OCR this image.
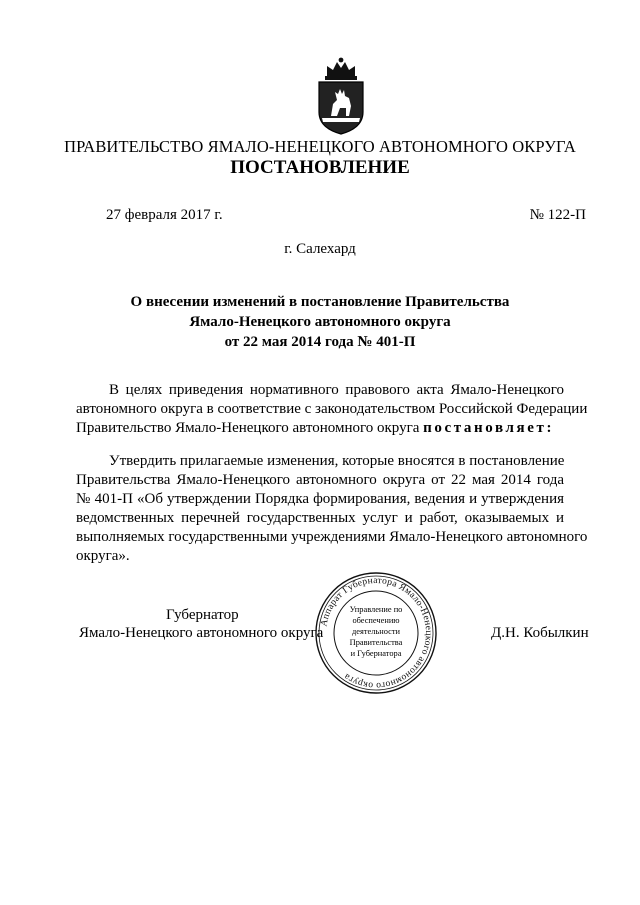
ПРАВИТЕЛЬСТВО ЯМАЛО-НЕНЕЦКОГО АВТОНОМНОГО ОКРУГА
ПОСТАНОВЛЕНИЕ
27 февраля 2017 г.	№ 122-П
г. Салехард
О внесении изменений в постановление Правительства
Ямало-Ненецкого автономного округа
от 22 мая 2014 года № 401-П
В целях приведения нормативного правового акта Ямало-Ненецкого
автономного округа в соответствие с законодательством Российской Федерации
Правительство Ямало-Ненецкого автономного округа постановляет:
Утвердить прилагаемые изменения, которые вносятся в постановление
Правительства Ямало-Ненецкого автономного округа от 22 мая 2014 года
№ 401-П «Об утверждении Порядка формирования, ведения и утверждения
ведомственных перечней государственных услуг и работ, оказываемых и
выполняемых государственными учреждениями Ямало-Ненецкого автономного
округа».
Аппарат Губернатора Ямало-Ненецкого автономного округа
Управление по
обеспечению
деятельности
Правительства
и Губернатора
Губернатор
Ямало-Ненецкого автономного округа	Д.Н. Кобылкин
